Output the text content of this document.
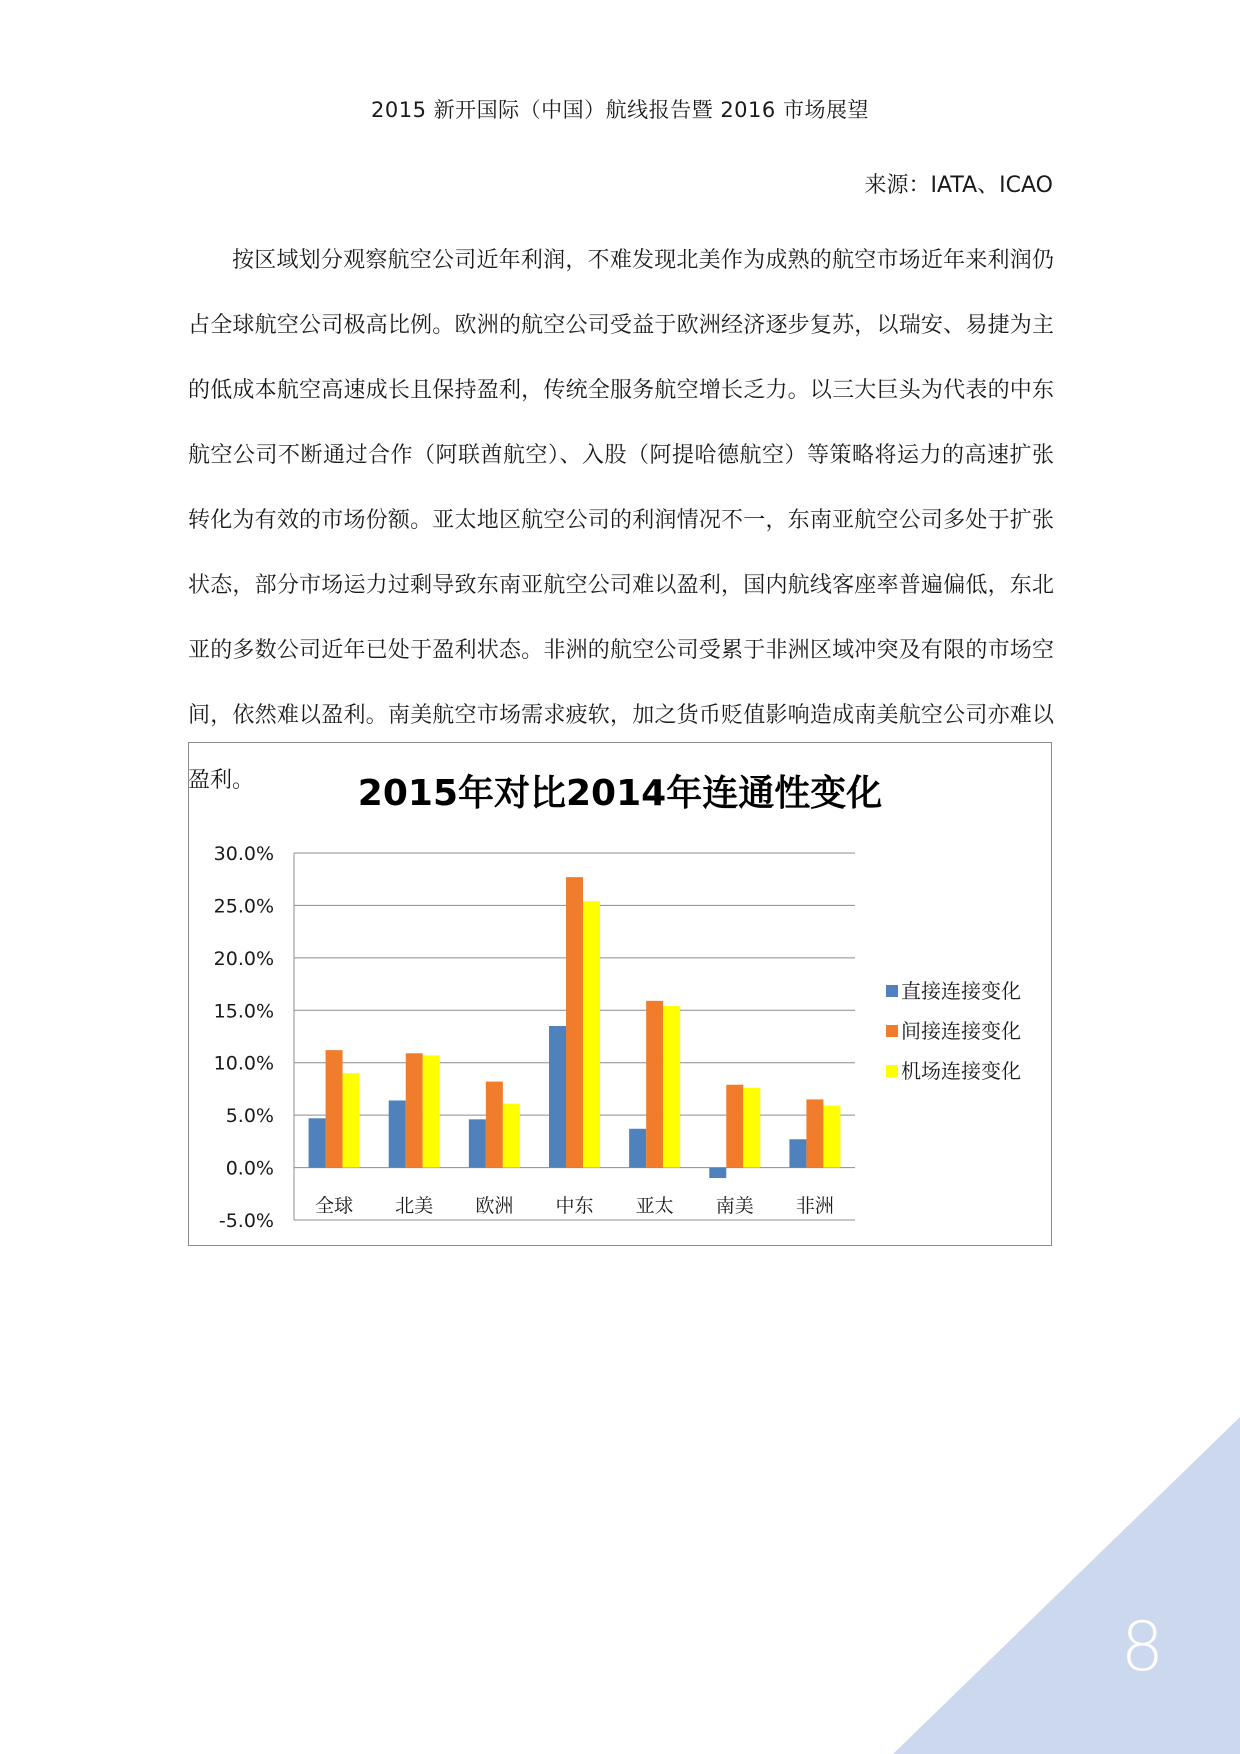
2015 新开国际（中国）航线报告暨 2016 市场展望
来源：IATA、ICAO

按区域划分观察航空公司近年利润，不难发现北美作为成熟的航空市场近年来利润仍占全球航空公司极高比例。欧洲的航空公司受益于欧洲经济逐步复苏，以瑞安、易捷为主的低成本航空高速成长且保持盈利，传统全服务航空增长乏力。以三大巨头为代表的中东航空公司不断通过合作（阿联酋航空）、入股（阿提哈德航空）等策略将运力的高速扩张转化为有效的市场份额。亚太地区航空公司的利润情况不一，东南亚航空公司多处于扩张状态，部分市场运力过剩导致东南亚航空公司难以盈利，国内航线客座率普遍偏低，东北亚的多数公司近年已处于盈利状态。非洲的航空公司受累于非洲区域冲突及有限的市场空间，依然难以盈利。南美航空市场需求疲软，加之货币贬值影响造成南美航空公司亦难以盈利。	2015年对比2014年连通性变化
30.0%
25.0%
20.0%
15.0%
10.0%
5.0%
0.0%
-5.0%
全球 北美 欧洲 中东 亚太 南美 非洲
直接连接变化
间接连接变化
机场连接变化
8
